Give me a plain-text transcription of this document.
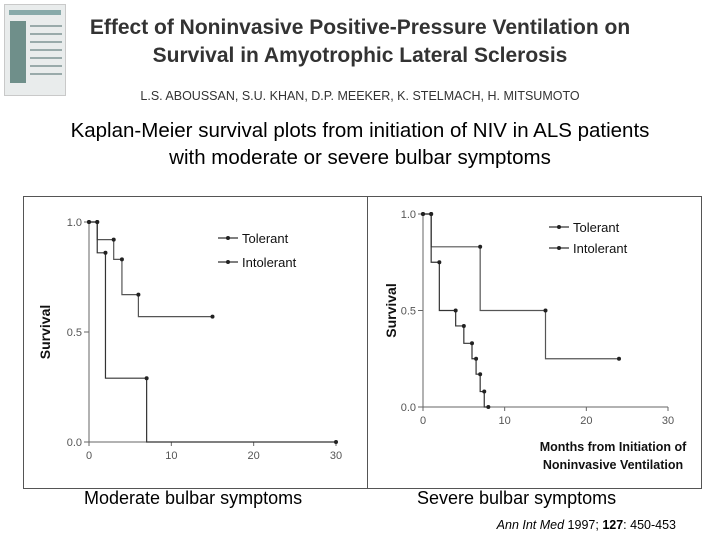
Effect of Noninvasive Positive-Pressure Ventilation on
Survival in Amyotrophic Lateral Sclerosis
L.S. ABOUSSAN, S.U. KHAN, D.P. MEEKER, K. STELMACH, H. MITSUMOTO
Kaplan-Meier survival plots from initiation of NIV in ALS patients
with moderate or severe bulbar symptoms
0.0
0.5
1.0
0	10	20	30
Survival
Tolerant
Intolerant
0.0
0.5
1.0
0	10	20	30
Survival
Months from Initiation of
Noninvasive Ventilation
Tolerant
Intolerant
Moderate bulbar symptoms	Severe bulbar symptoms
Ann Int Med 1997; 127: 450-453
